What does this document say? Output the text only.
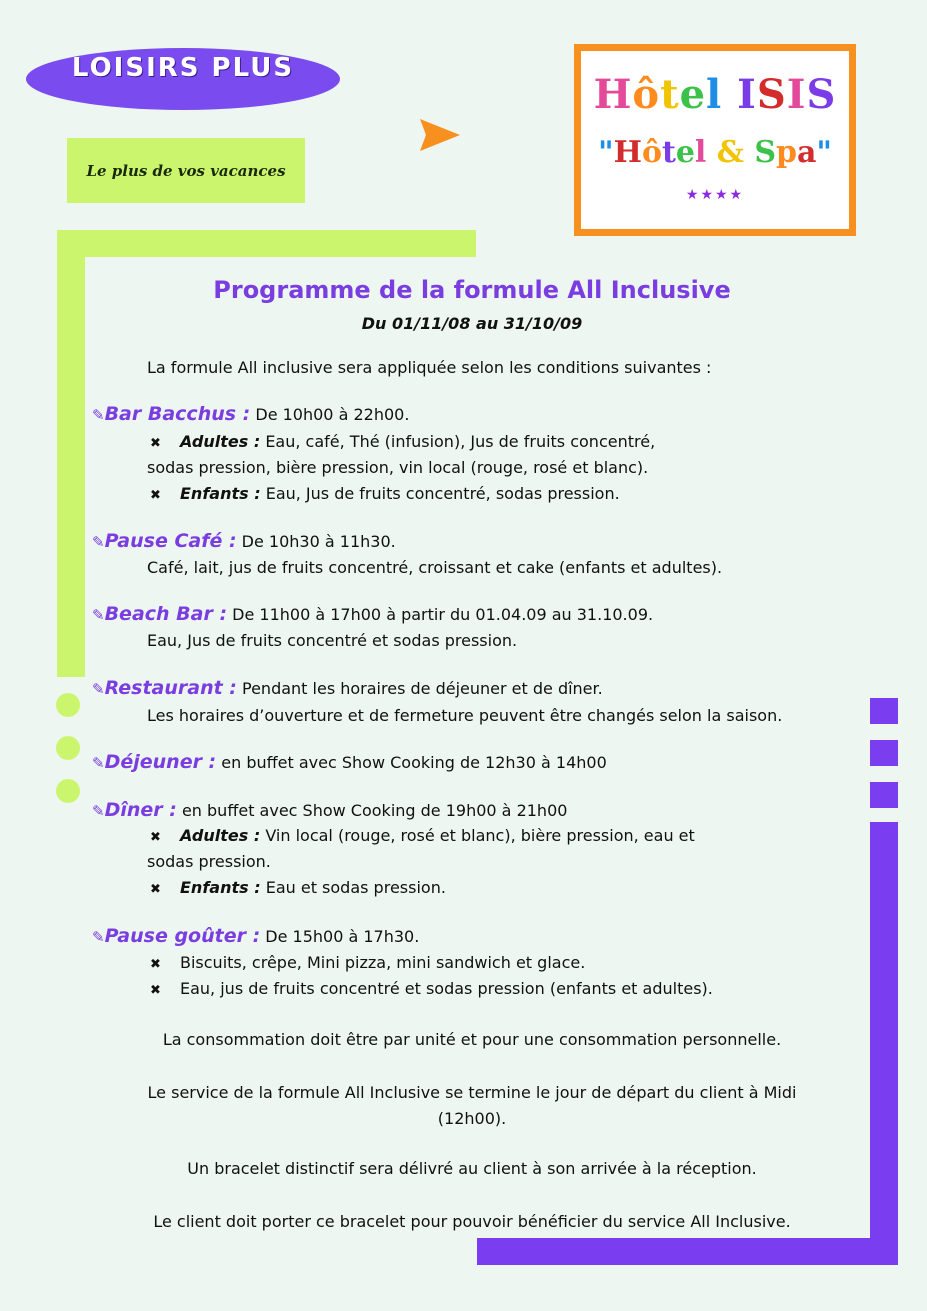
LOISIRS PLUS
Le plus de vos vacances
Hôtel ISIS
"Hôtel & Spa"
★★★★
Programme de la formule All Inclusive
Du 01/11/08 au 31/10/09
La formule All inclusive sera appliquée selon les conditions suivantes :
✎Bar Bacchus : De 10h00 à 22h00.
✖ Adultes : Eau, café, Thé (infusion), Jus de fruits concentré,
sodas pression, bière pression, vin local (rouge, rosé et blanc).
✖ Enfants : Eau, Jus de fruits concentré, sodas pression.
✎Pause Café : De 10h30 à 11h30.
Café, lait, jus de fruits concentré, croissant et cake (enfants et adultes).
✎Beach Bar : De 11h00 à 17h00 à partir du 01.04.09 au 31.10.09.
Eau, Jus de fruits concentré et sodas pression.
✎Restaurant : Pendant les horaires de déjeuner et de dîner.
Les horaires d’ouverture et de fermeture peuvent être changés selon la saison.
✎Déjeuner : en buffet avec Show Cooking de 12h30 à 14h00
✎Dîner : en buffet avec Show Cooking de 19h00 à 21h00
✖ Adultes : Vin local (rouge, rosé et blanc), bière pression, eau et
sodas pression.
✖ Enfants : Eau et sodas pression.
✎Pause goûter : De 15h00 à 17h30.
✖ Biscuits, crêpe, Mini pizza, mini sandwich et glace.
✖ Eau, jus de fruits concentré et sodas pression (enfants et adultes).
La consommation doit être par unité et pour une consommation personnelle.
Le service de la formule All Inclusive se termine le jour de départ du client à Midi
(12h00).
Un bracelet distinctif sera délivré au client à son arrivée à la réception.
Le client doit porter ce bracelet pour pouvoir bénéficier du service All Inclusive.
